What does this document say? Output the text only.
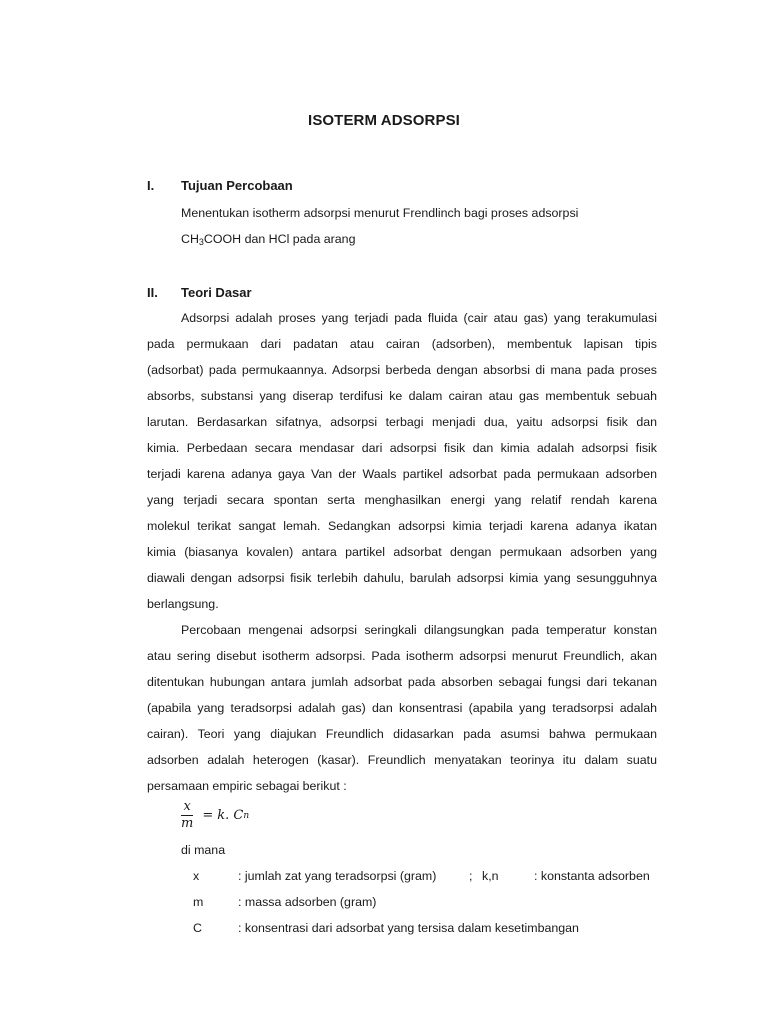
ISOTERM ADSORPSI
I. Tujuan Percobaan
Menentukan isotherm adsorpsi menurut Frendlinch bagi proses adsorpsi
$CH_3COOH$ dan HCl pada arang
II. Teori Dasar
Adsorpsi adalah proses yang terjadi pada fluida (cair atau gas) yang terakumulasi
pada permukaan dari padatan atau cairan (adsorben), membentuk lapisan tipis
(adsorbat) pada permukaannya. Adsorpsi berbeda dengan absorbsi di mana pada proses
absorbs, substansi yang diserap terdifusi ke dalam cairan atau gas membentuk sebuah
larutan. Berdasarkan sifatnya, adsorpsi terbagi menjadi dua, yaitu adsorpsi fisik dan
kimia. Perbedaan secara mendasar dari adsorpsi fisik dan kimia adalah adsorpsi fisik
terjadi karena adanya gaya Van der Waals partikel adsorbat pada permukaan adsorben
yang terjadi secara spontan serta menghasilkan energi yang relatif rendah karena
molekul terikat sangat lemah. Sedangkan adsorpsi kimia terjadi karena adanya ikatan
kimia (biasanya kovalen) antara partikel adsorbat dengan permukaan adsorben yang
diawali dengan adsorpsi fisik terlebih dahulu, barulah adsorpsi kimia yang sesungguhnya
berlangsung.
Percobaan mengenai adsorpsi seringkali dilangsungkan pada temperatur konstan
atau sering disebut isotherm adsorpsi. Pada isotherm adsorpsi menurut Freundlich, akan
ditentukan hubungan antara jumlah adsorbat pada absorben sebagai fungsi dari tekanan
(apabila yang teradsorpsi adalah gas) dan konsentrasi (apabila yang teradsorpsi adalah
cairan). Teori yang diajukan Freundlich didasarkan pada asumsi bahwa permukaan
adsorben adalah heterogen (kasar). Freundlich menyatakan teorinya itu dalam suatu
persamaan empiric sebagai berikut :
$\frac{x}{m} = k$. C n
di mana
x	: jumlah zat yang teradsorpsi (gram)	; k,n	: konstanta adsorben
m	: massa adsorben (gram)
C	: konsentrasi dari adsorbat yang tersisa dalam kesetimbangan
